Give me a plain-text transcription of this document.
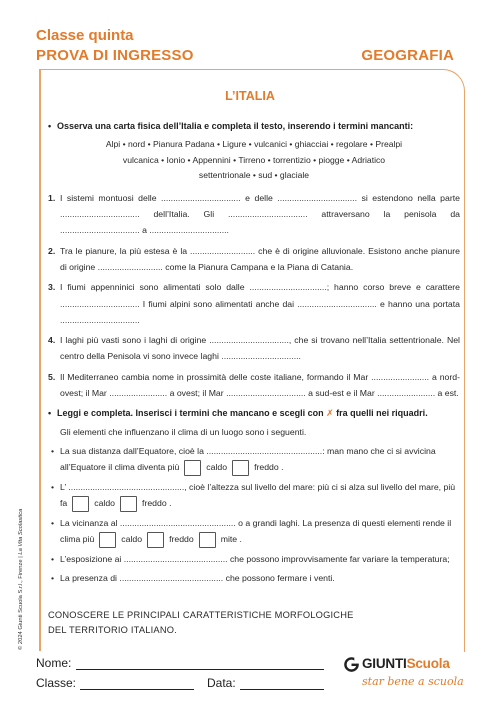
Classe quinta
PROVA DI INGRESSO	GEOGRAFIA
L’ITALIA
• Osserva una carta fisica dell’Italia e completa il testo, inserendo i termini mancanti:
Alpi • nord • Pianura Padana • Ligure • vulcanici • ghiacciai • regolare • Prealpi
vulcanica • Ionio • Appennini • Tirreno • torrentizio • piogge • Adriatico
settentrionale • sud • glaciale
1. I sistemi montuosi delle ................................. e delle ................................. si estendono nella parte ................................. dell’Italia. Gli ................................. attraversano la penisola da ................................. a .................................
2. Tra le pianure, la più estesa è la ........................... che è di origine alluvionale. Esistono anche pianure di origine ........................... come la Pianura Campana e la Piana di Catania.
3. I fiumi appenninici sono alimentati solo dalle ................................; hanno corso breve e carattere ................................. I fiumi alpini sono alimentati anche dai ................................. e hanno una portata .................................
4. I laghi più vasti sono i laghi di origine ................................., che si trovano nell’Italia settentrionale. Nel centro della Penisola vi sono invece laghi .................................
5. Il Mediterraneo cambia nome in prossimità delle coste italiane, formando il Mar ........................ a nord-ovest; il Mar ........................ a ovest; il Mar ................................. a sud-est e il Mar ........................ a est.
• Leggi e completa. Inserisci i termini che mancano e scegli con ✗ fra quelli nei riquadri.
Gli elementi che influenzano il clima di un luogo sono i seguenti.
• La sua distanza dall’Equatore, cioè la ................................................: man mano che ci si avvicina all’Equatore il clima diventa più	caldo	freddo .
• L’ ................................................, cioè l’altezza sul livello del mare: più ci si alza sul livello del mare, più fa	caldo	freddo .
• La vicinanza al ................................................ o a grandi laghi. La presenza di questi elementi rende il clima più	caldo	freddo	mite .
• L’esposizione ai ........................................... che possono improvvisamente far variare la temperatura;
• La presenza di ........................................... che possono fermare i venti.
CONOSCERE LE PRINCIPALI CARATTERISTICHE MORFOLOGICHE
DEL TERRITORIO ITALIANO.
© 2024 Giunti Scuola S.r.l., Firenze | La Vita Scolastica
Nome:
Classe:	Data:
GIUNTIScuola
star bene a scuola
